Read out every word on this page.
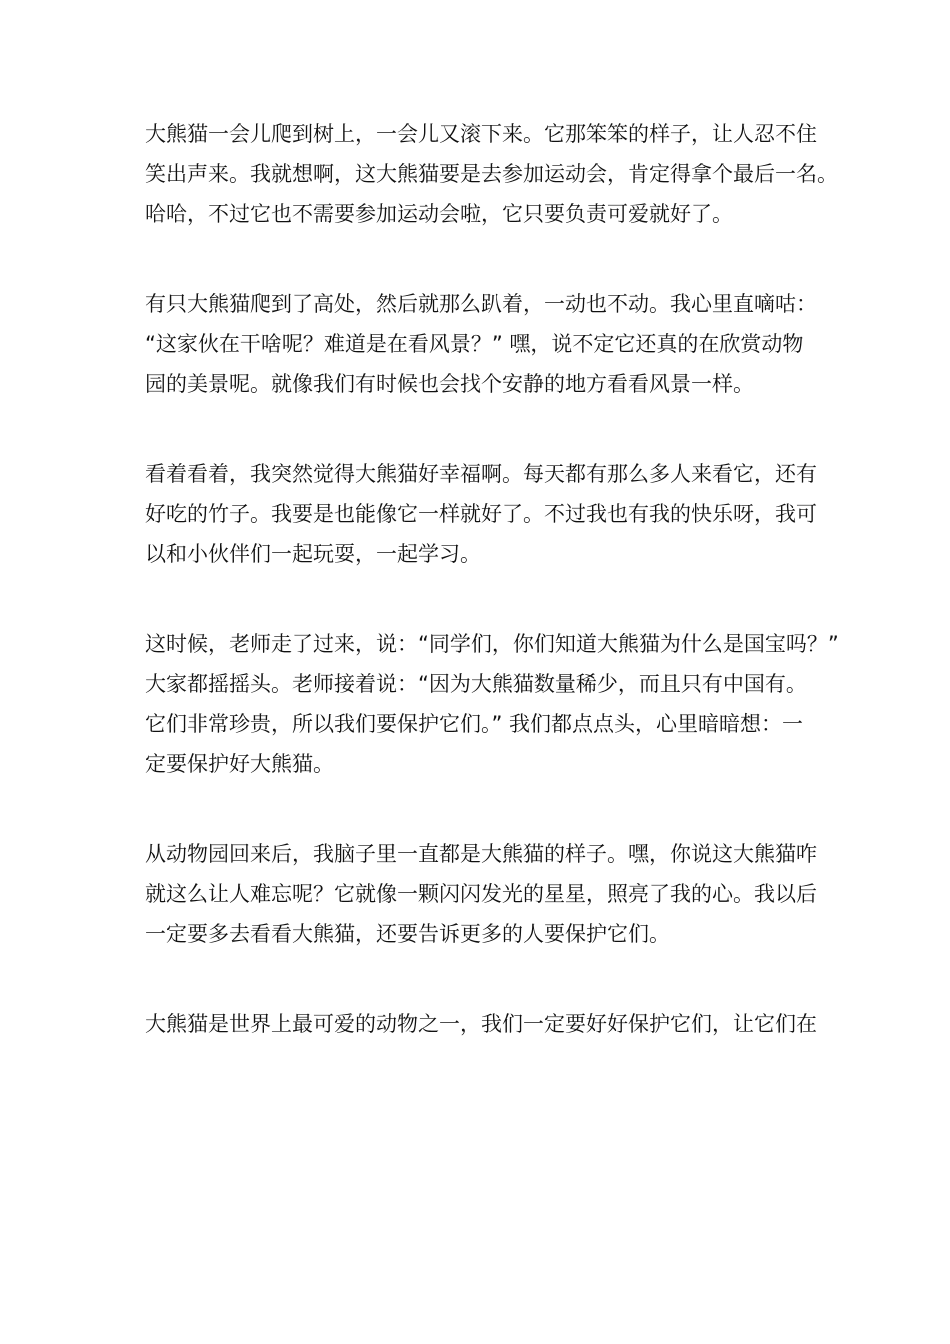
大熊猫一会儿爬到树上，一会儿又滚下来。它那笨笨的样子，让人忍不住
笑出声来。我就想啊，这大熊猫要是去参加运动会，肯定得拿个最后一名。
哈哈，不过它也不需要参加运动会啦，它只要负责可爱就好了。
有只大熊猫爬到了高处，然后就那么趴着，一动也不动。我心里直嘀咕：
“这家伙在干啥呢？难道是在看风景？” 嘿，说不定它还真的在欣赏动物
园的美景呢。就像我们有时候也会找个安静的地方看看风景一样。
看着看着，我突然觉得大熊猫好幸福啊。每天都有那么多人来看它，还有
好吃的竹子。我要是也能像它一样就好了。不过我也有我的快乐呀，我可
以和小伙伴们一起玩耍，一起学习。
这时候，老师走了过来，说：“同学们，你们知道大熊猫为什么是国宝吗？”
大家都摇摇头。老师接着说：“因为大熊猫数量稀少，而且只有中国有。
它们非常珍贵，所以我们要保护它们。” 我们都点点头，心里暗暗想：一
定要保护好大熊猫。
从动物园回来后，我脑子里一直都是大熊猫的样子。嘿，你说这大熊猫咋
就这么让人难忘呢？它就像一颗闪闪发光的星星，照亮了我的心。我以后
一定要多去看看大熊猫，还要告诉更多的人要保护它们。
大熊猫是世界上最可爱的动物之一，我们一定要好好保护它们，让它们在
